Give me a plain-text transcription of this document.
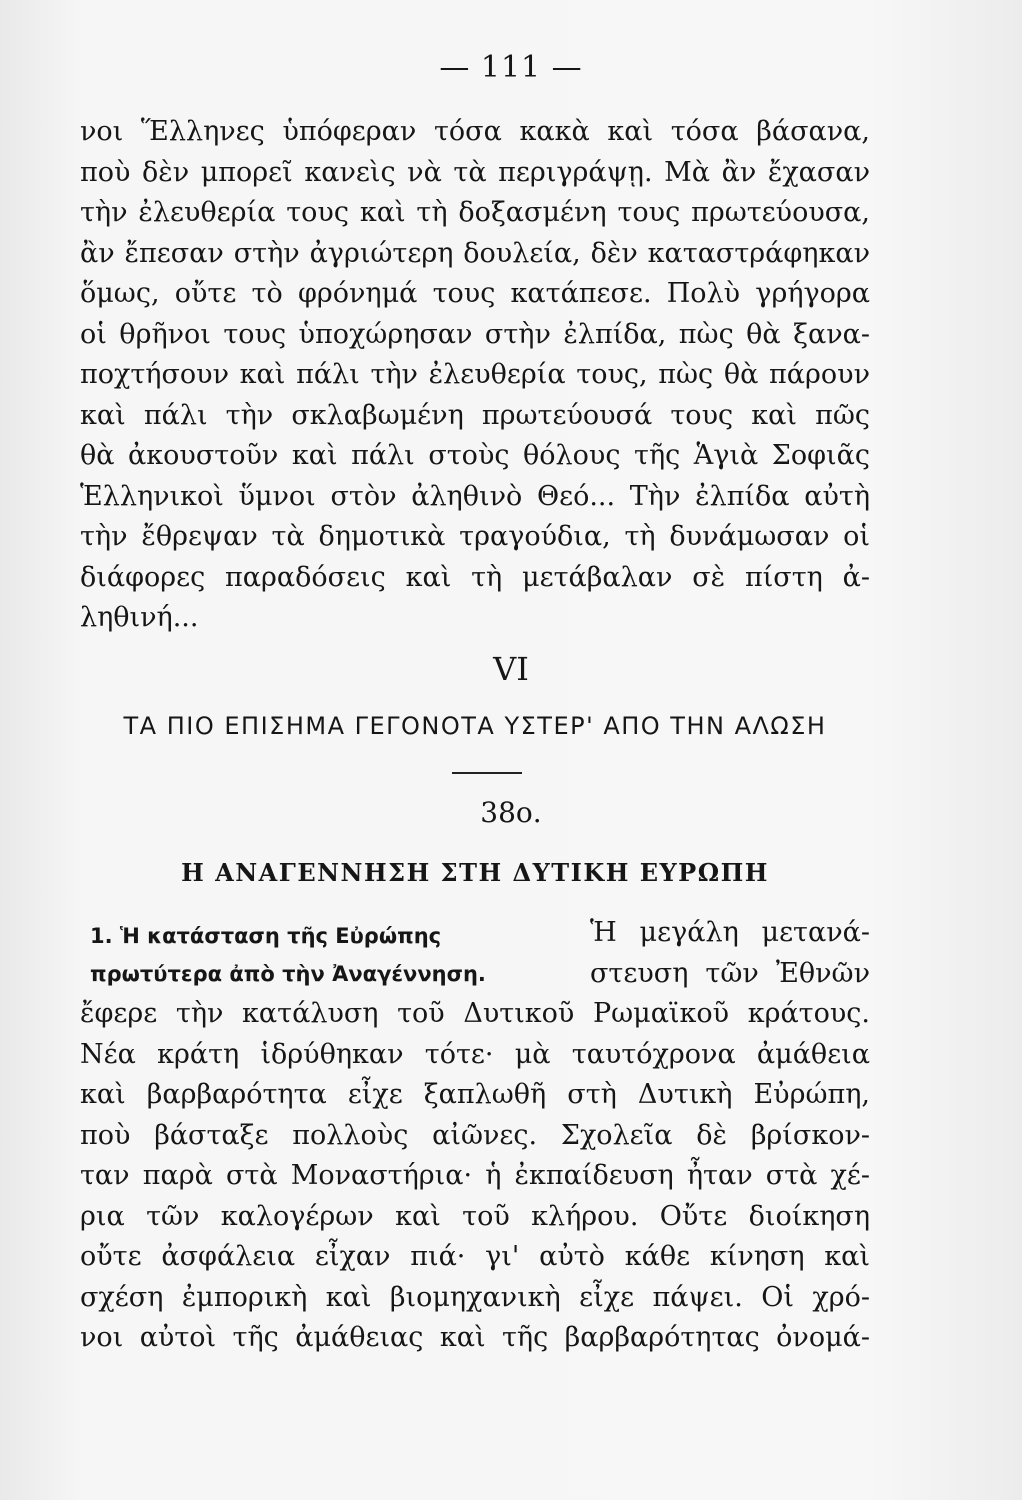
— 111 —
νοι Ἕλληνες ὑπόφεραν τόσα κακὰ καὶ τόσα βάσανα,
ποὺ δὲν μπορεῖ κανεὶς νὰ τὰ περιγράψῃ. Μὰ ἂν ἔχασαν
τὴν ἐλευθερία τους καὶ τὴ δοξασμένη τους πρωτεύουσα,
ἂν ἔπεσαν στὴν ἀγριώτερη δουλεία, δὲν καταστράφηκαν
ὅμως, οὔτε τὸ φρόνημά τους κατάπεσε. Πολὺ γρήγορα
οἱ θρῆνοι τους ὑποχώρησαν στὴν ἐλπίδα, πὼς θὰ ξανα-
ποχτήσουν καὶ πάλι τὴν ἐλευθερία τους, πὼς θὰ πάρουν
καὶ πάλι τὴν σκλαβωμένη πρωτεύουσά τους καὶ πῶς
θὰ ἀκουστοῦν καὶ πάλι στοὺς θόλους τῆς Ἁγιὰ Σοφιᾶς
Ἑλληνικοὶ ὕμνοι στὸν ἀληθινὸ Θεό... Τὴν ἐλπίδα αὐτὴ
τὴν ἔθρεψαν τὰ δημοτικὰ τραγούδια, τὴ δυνάμωσαν οἱ
διάφορες παραδόσεις καὶ τὴ μετάβαλαν σὲ πίστη ἀ-
ληθινή...
VI
ΤΑ ΠΙΟ ΕΠΙΣΗΜΑ ΓΕΓΟΝΟΤΑ ΥΣΤΕΡ' ΑΠΟ ΤΗΝ ΑΛΩΣΗ
38ο.
Η ΑΝΑΓΕΝΝΗΣΗ ΣΤΗ ΔΥΤΙΚΗ ΕΥΡΩΠΗ
1. Ἡ κατάσταση τῆς Εὐρώπης
πρωτύτερα ἀπὸ τὴν Ἀναγέννηση.
Ἡ μεγάλη μετανά-
στευση τῶν Ἐθνῶν
ἔφερε τὴν κατάλυση τοῦ Δυτικοῦ Ρωμαϊκοῦ κράτους.
Νέα κράτη ἱδρύθηκαν τότε· μὰ ταυτόχρονα ἀμάθεια
καὶ βαρβαρότητα εἶχε ξαπλωθῆ στὴ Δυτικὴ Εὐρώπη,
ποὺ βάσταξε πολλοὺς αἰῶνες. Σχολεῖα δὲ βρίσκον-
ταν παρὰ στὰ Μοναστήρια· ἡ ἐκπαίδευση ἦταν στὰ χέ-
ρια τῶν καλογέρων καὶ τοῦ κλήρου. Οὔτε διοίκηση
οὔτε ἀσφάλεια εἶχαν πιά· γι' αὐτὸ κάθε κίνηση καὶ
σχέση ἐμπορικὴ καὶ βιομηχανικὴ εἶχε πάψει. Οἱ χρό-
νοι αὐτοὶ τῆς ἀμάθειας καὶ τῆς βαρβαρότητας ὀνομά-
